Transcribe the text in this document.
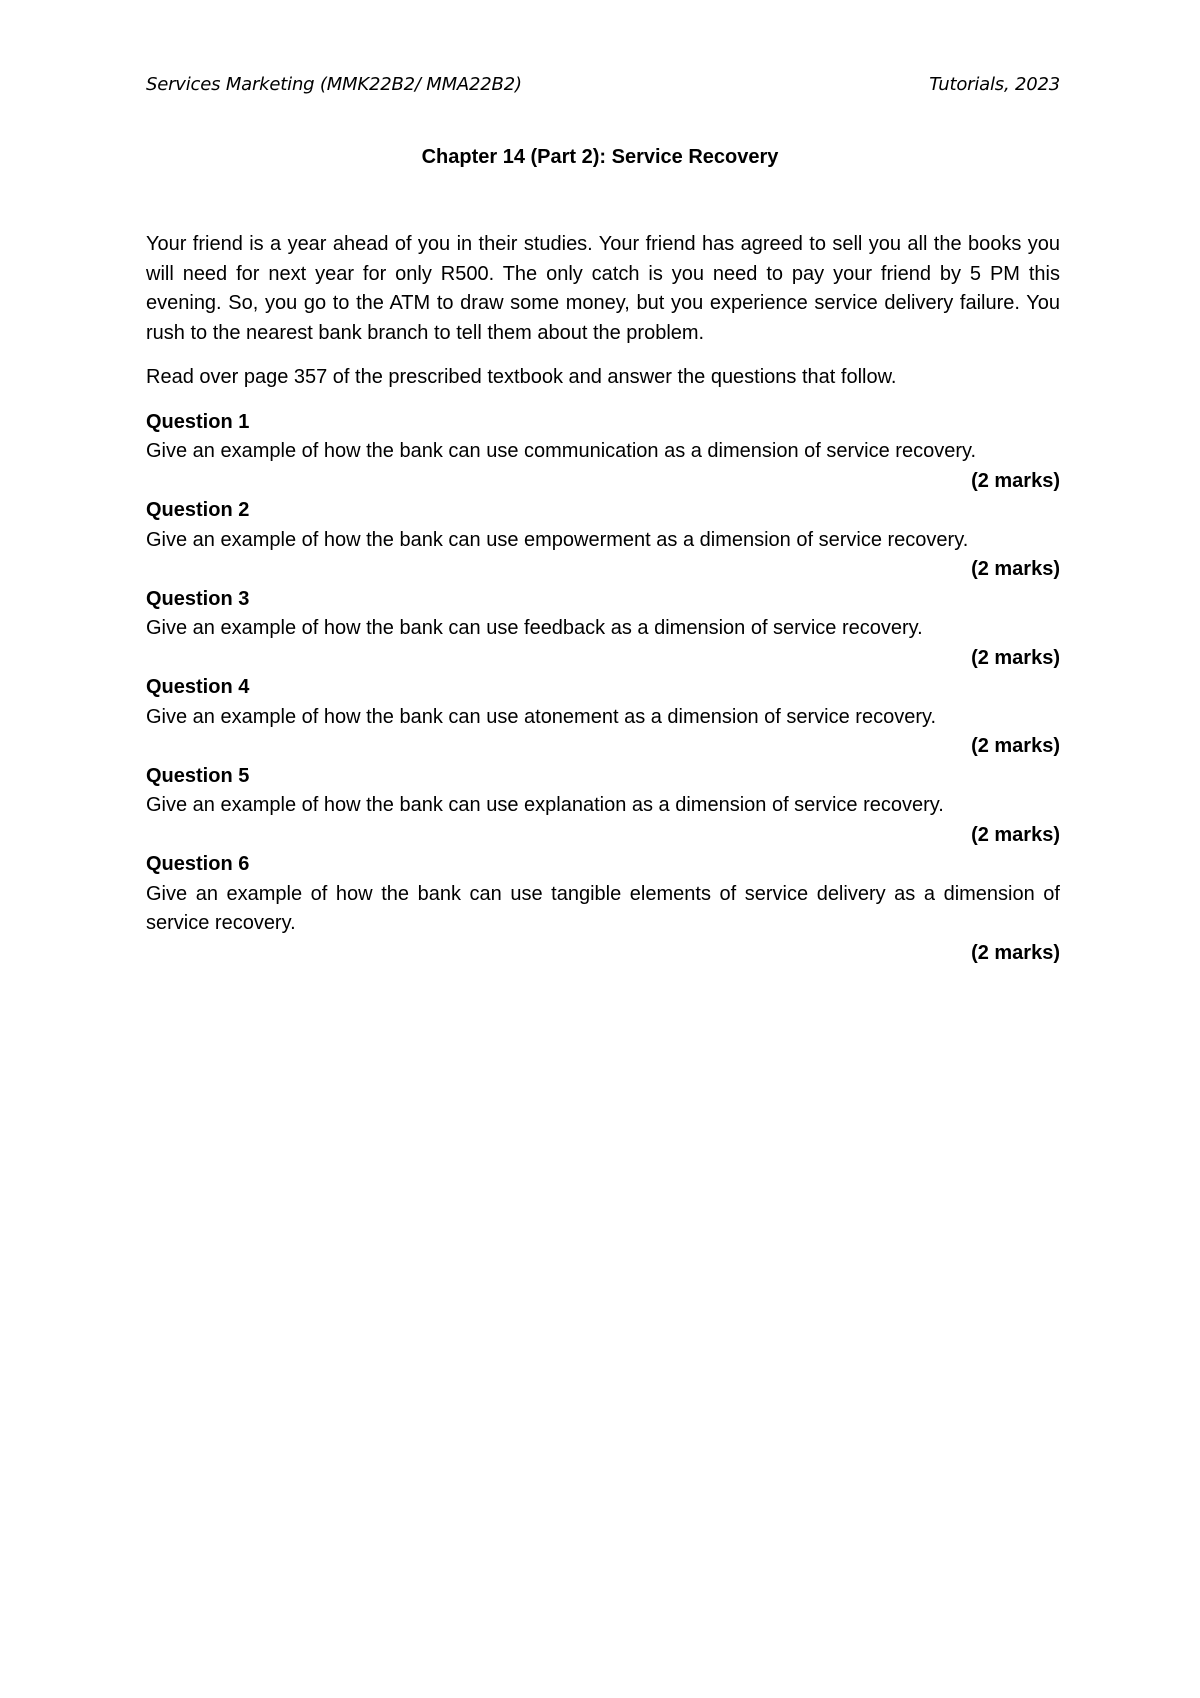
Services Marketing (MMK22B2/ MMA22B2)	Tutorials, 2023
Chapter 14 (Part 2): Service Recovery

Your friend is a year ahead of you in their studies. Your friend has agreed to sell you all the books you will need for next year for only R500. The only catch is you need to pay your friend by 5 PM this evening. So, you go to the ATM to draw some money, but you experience service delivery failure. You rush to the nearest bank branch to tell them about the problem.

Read over page 357 of the prescribed textbook and answer the questions that follow.

Question 1

Give an example of how the bank can use communication as a dimension of service recovery.

(2 marks)

Question 2

Give an example of how the bank can use empowerment as a dimension of service recovery.

(2 marks)

Question 3

Give an example of how the bank can use feedback as a dimension of service recovery.

(2 marks)

Question 4

Give an example of how the bank can use atonement as a dimension of service recovery.

(2 marks)

Question 5

Give an example of how the bank can use explanation as a dimension of service recovery.

(2 marks)

Question 6

Give an example of how the bank can use tangible elements of service delivery as a dimension of service recovery.

(2 marks)
